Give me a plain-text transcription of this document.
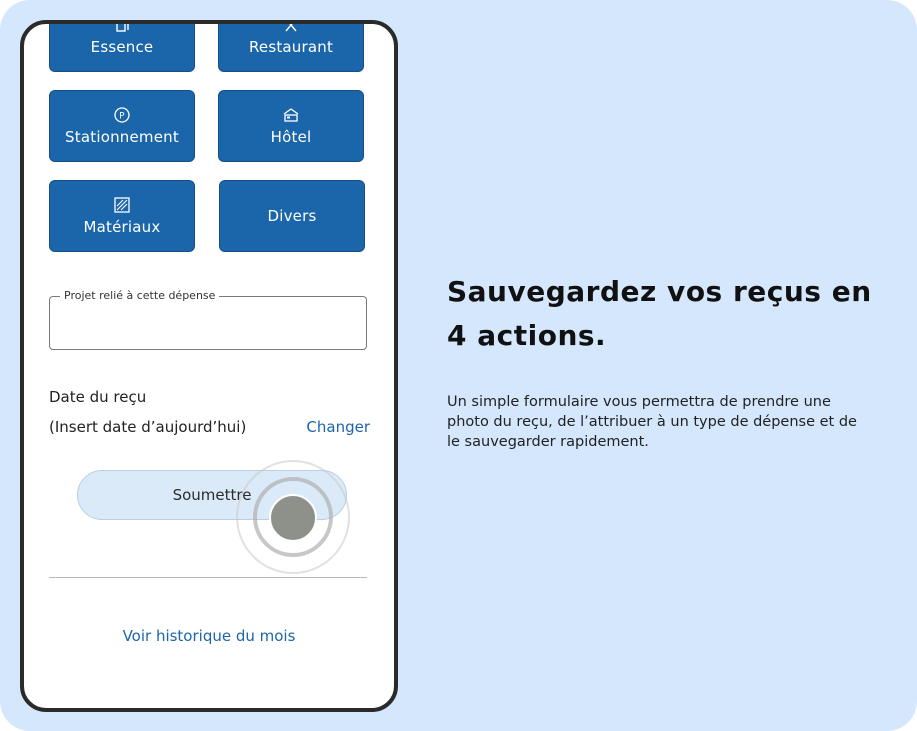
Essence	Restaurant
P
Stationnement	Hôtel
Matériaux
Divers
Projet relié à cette dépense
Date du reçu
(Insert date d’aujourd’hui)	Changer
Soumettre
Voir historique du mois
Sauvegardez vos reçus en
4 actions.
Un simple formulaire vous permettra de prendre une photo du reçu, de l’attribuer à un type de dépense et de le sauvegarder rapidement.
